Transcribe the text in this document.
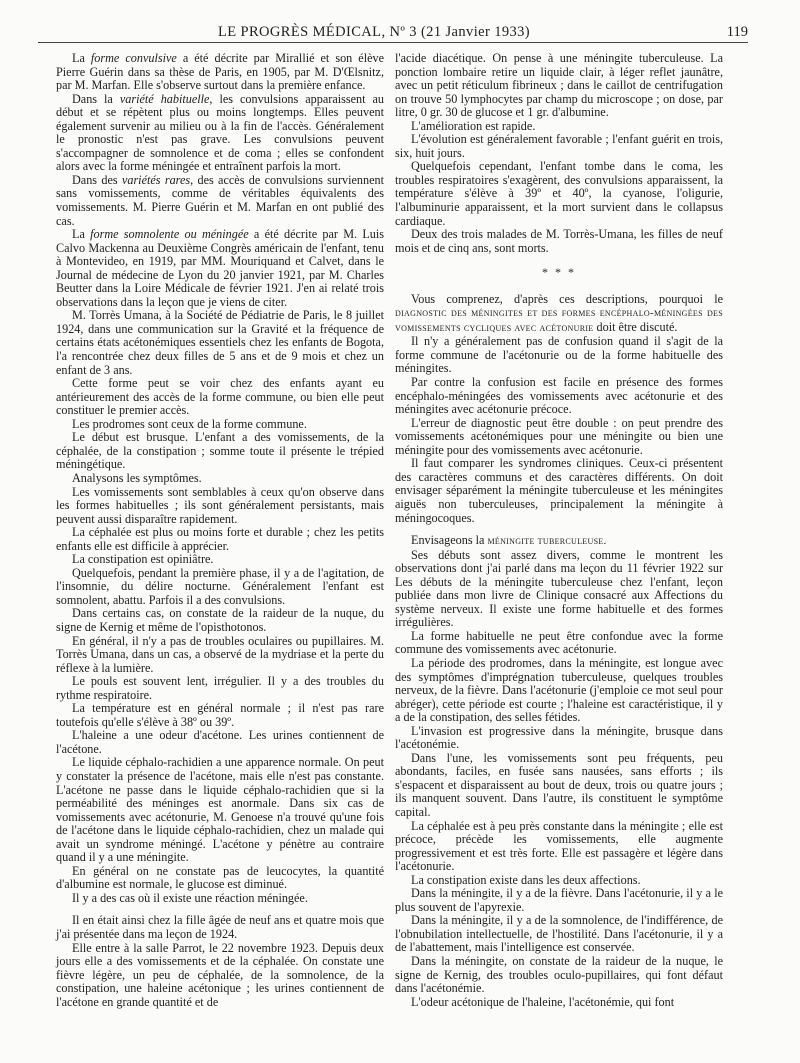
LE PROGRÈS MÉDICAL, Nº 3 (21 Janvier 1933)	119

La forme convulsive a été décrite par Mirallié et son élève Pierre Guérin dans sa thèse de Paris, en 1905, par M. D'Œlsnitz, par M. Marfan. Elle s'observe surtout dans la première enfance.

Dans la variété habituelle, les convulsions apparaissent au début et se répètent plus ou moins longtemps. Elles peuvent également survenir au milieu ou à la fin de l'accès. Généralement le pronostic n'est pas grave. Les convulsions peuvent s'accompagner de somnolence et de coma ; elles se confondent alors avec la forme méningée et entraînent parfois la mort.

Dans des variétés rares, des accès de convulsions surviennent sans vomissements, comme de véritables équivalents des vomissements. M. Pierre Guérin et M. Marfan en ont publié des cas.

La forme somnolente ou méningée a été décrite par M. Luis Calvo Mackenna au Deuxième Congrès américain de l'enfant, tenu à Montevideo, en 1919, par MM. Mouriquand et Calvet, dans le Journal de médecine de Lyon du 20 janvier 1921, par M. Charles Beutter dans la Loire Médicale de février 1921. J'en ai relaté trois observations dans la leçon que je viens de citer.

M. Torrès Umana, à la Société de Pédiatrie de Paris, le 8 juillet 1924, dans une communication sur la Gravité et la fréquence de certains états acétonémiques essentiels chez les enfants de Bogota, l'a rencontrée chez deux filles de 5 ans et de 9 mois et chez un enfant de 3 ans.

Cette forme peut se voir chez des enfants ayant eu antérieurement des accès de la forme commune, ou bien elle peut constituer le premier accès.

Les prodromes sont ceux de la forme commune.

Le début est brusque. L'enfant a des vomissements, de la céphalée, de la constipation ; somme toute il présente le trépied méningétique.

Analysons les symptômes.

Les vomissements sont semblables à ceux qu'on observe dans les formes habituelles ; ils sont généralement persistants, mais peuvent aussi disparaître rapidement.

La céphalée est plus ou moins forte et durable ; chez les petits enfants elle est difficile à apprécier.

La constipation est opiniâtre.

Quelquefois, pendant la première phase, il y a de l'agitation, de l'insomnie, du délire nocturne. Généralement l'enfant est somnolent, abattu. Parfois il a des convulsions.

Dans certains cas, on constate de la raideur de la nuque, du signe de Kernig et même de l'opisthotonos.

En général, il n'y a pas de troubles oculaires ou pupillaires. M. Torrès Umana, dans un cas, a observé de la mydriase et la perte du réflexe à la lumière.

Le pouls est souvent lent, irrégulier. Il y a des troubles du rythme respiratoire.

La température est en général normale ; il n'est pas rare toutefois qu'elle s'élève à 38º ou 39º.

L'haleine a une odeur d'acétone. Les urines contiennent de l'acétone.

Le liquide céphalo-rachidien a une apparence normale. On peut y constater la présence de l'acétone, mais elle n'est pas constante. L'acétone ne passe dans le liquide céphalo-rachidien que si la perméabilité des méninges est anormale. Dans six cas de vomissements avec acétonurie, M. Genoese n'a trouvé qu'une fois de l'acétone dans le liquide céphalo-rachidien, chez un malade qui avait un syndrome méningé. L'acétone y pénètre au contraire quand il y a une méningite.

En général on ne constate pas de leucocytes, la quantité d'albumine est normale, le glucose est diminué.

Il y a des cas où il existe une réaction méningée.

Il en était ainsi chez la fille âgée de neuf ans et quatre mois que j'ai présentée dans ma leçon de 1924.

Elle entre à la salle Parrot, le 22 novembre 1923. Depuis deux jours elle a des vomissements et de la céphalée. On constate une fièvre légère, un peu de céphalée, de la somnolence, de la constipation, une haleine acétonique ; les urines contiennent de l'acétone en grande quantité et de

l'acide diacétique. On pense à une méningite tuberculeuse. La ponction lombaire retire un liquide clair, à léger reflet jaunâtre, avec un petit réticulum fibrineux ; dans le caillot de centrifugation on trouve 50 lymphocytes par champ du microscope ; on dose, par litre, 0 gr. 30 de glucose et 1 gr. d'albumine.

L'amélioration est rapide.

L'évolution est généralement favorable ; l'enfant guérit en trois, six, huit jours.

Quelquefois cependant, l'enfant tombe dans le coma, les troubles respiratoires s'exagèrent, des convulsions apparaissent, la température s'élève à 39º et 40º, la cyanose, l'oligurie, l'albuminurie apparaissent, et la mort survient dans le collapsus cardiaque.

Deux des trois malades de M. Torrès-Umana, les filles de neuf mois et de cinq ans, sont morts.

* * *

Vous comprenez, d'après ces descriptions, pourquoi le diagnostic des méningites et des formes encéphalo-méningées des vomissements cycliques avec acétonurie doit être discuté.

Il n'y a généralement pas de confusion quand il s'agit de la forme commune de l'acétonurie ou de la forme habituelle des méningites.

Par contre la confusion est facile en présence des formes encéphalo-méningées des vomissements avec acétonurie et des méningites avec acétonurie précoce.

L'erreur de diagnostic peut être double : on peut prendre des vomissements acétonémiques pour une méningite ou bien une méningite pour des vomissements avec acétonurie.

Il faut comparer les syndromes cliniques. Ceux-ci présentent des caractères communs et des caractères différents. On doit envisager séparément la méningite tuberculeuse et les méningites aiguës non tuberculeuses, principalement la méningite à méningocoques.

Envisageons la méningite tuberculeuse.

Ses débuts sont assez divers, comme le montrent les observations dont j'ai parlé dans ma leçon du 11 février 1922 sur Les débuts de la méningite tuberculeuse chez l'enfant, leçon publiée dans mon livre de Clinique consacré aux Affections du système nerveux. Il existe une forme habituelle et des formes irrégulières.

La forme habituelle ne peut être confondue avec la forme commune des vomissements avec acétonurie.

La période des prodromes, dans la méningite, est longue avec des symptômes d'imprégnation tuberculeuse, quelques troubles nerveux, de la fièvre. Dans l'acétonurie (j'emploie ce mot seul pour abréger), cette période est courte ; l'haleine est caractéristique, il y a de la constipation, des selles fétides.

L'invasion est progressive dans la méningite, brusque dans l'acétonémie.

Dans l'une, les vomissements sont peu fréquents, peu abondants, faciles, en fusée sans nausées, sans efforts ; ils s'espacent et disparaissent au bout de deux, trois ou quatre jours ; ils manquent souvent. Dans l'autre, ils constituent le symptôme capital.

La céphalée est à peu près constante dans la méningite ; elle est précoce, précède les vomissements, elle augmente progressivement et est très forte. Elle est passagère et légère dans l'acétonurie.

La constipation existe dans les deux affections.

Dans la méningite, il y a de la fièvre. Dans l'acétonurie, il y a le plus souvent de l'apyrexie.

Dans la méningite, il y a de la somnolence, de l'indifférence, de l'obnubilation intellectuelle, de l'hostilité. Dans l'acétonurie, il y a de l'abattement, mais l'intelligence est conservée.

Dans la méningite, on constate de la raideur de la nuque, le signe de Kernig, des troubles oculo-pupillaires, qui font défaut dans l'acétonémie.

L'odeur acétonique de l'haleine, l'acétonémie, qui font
